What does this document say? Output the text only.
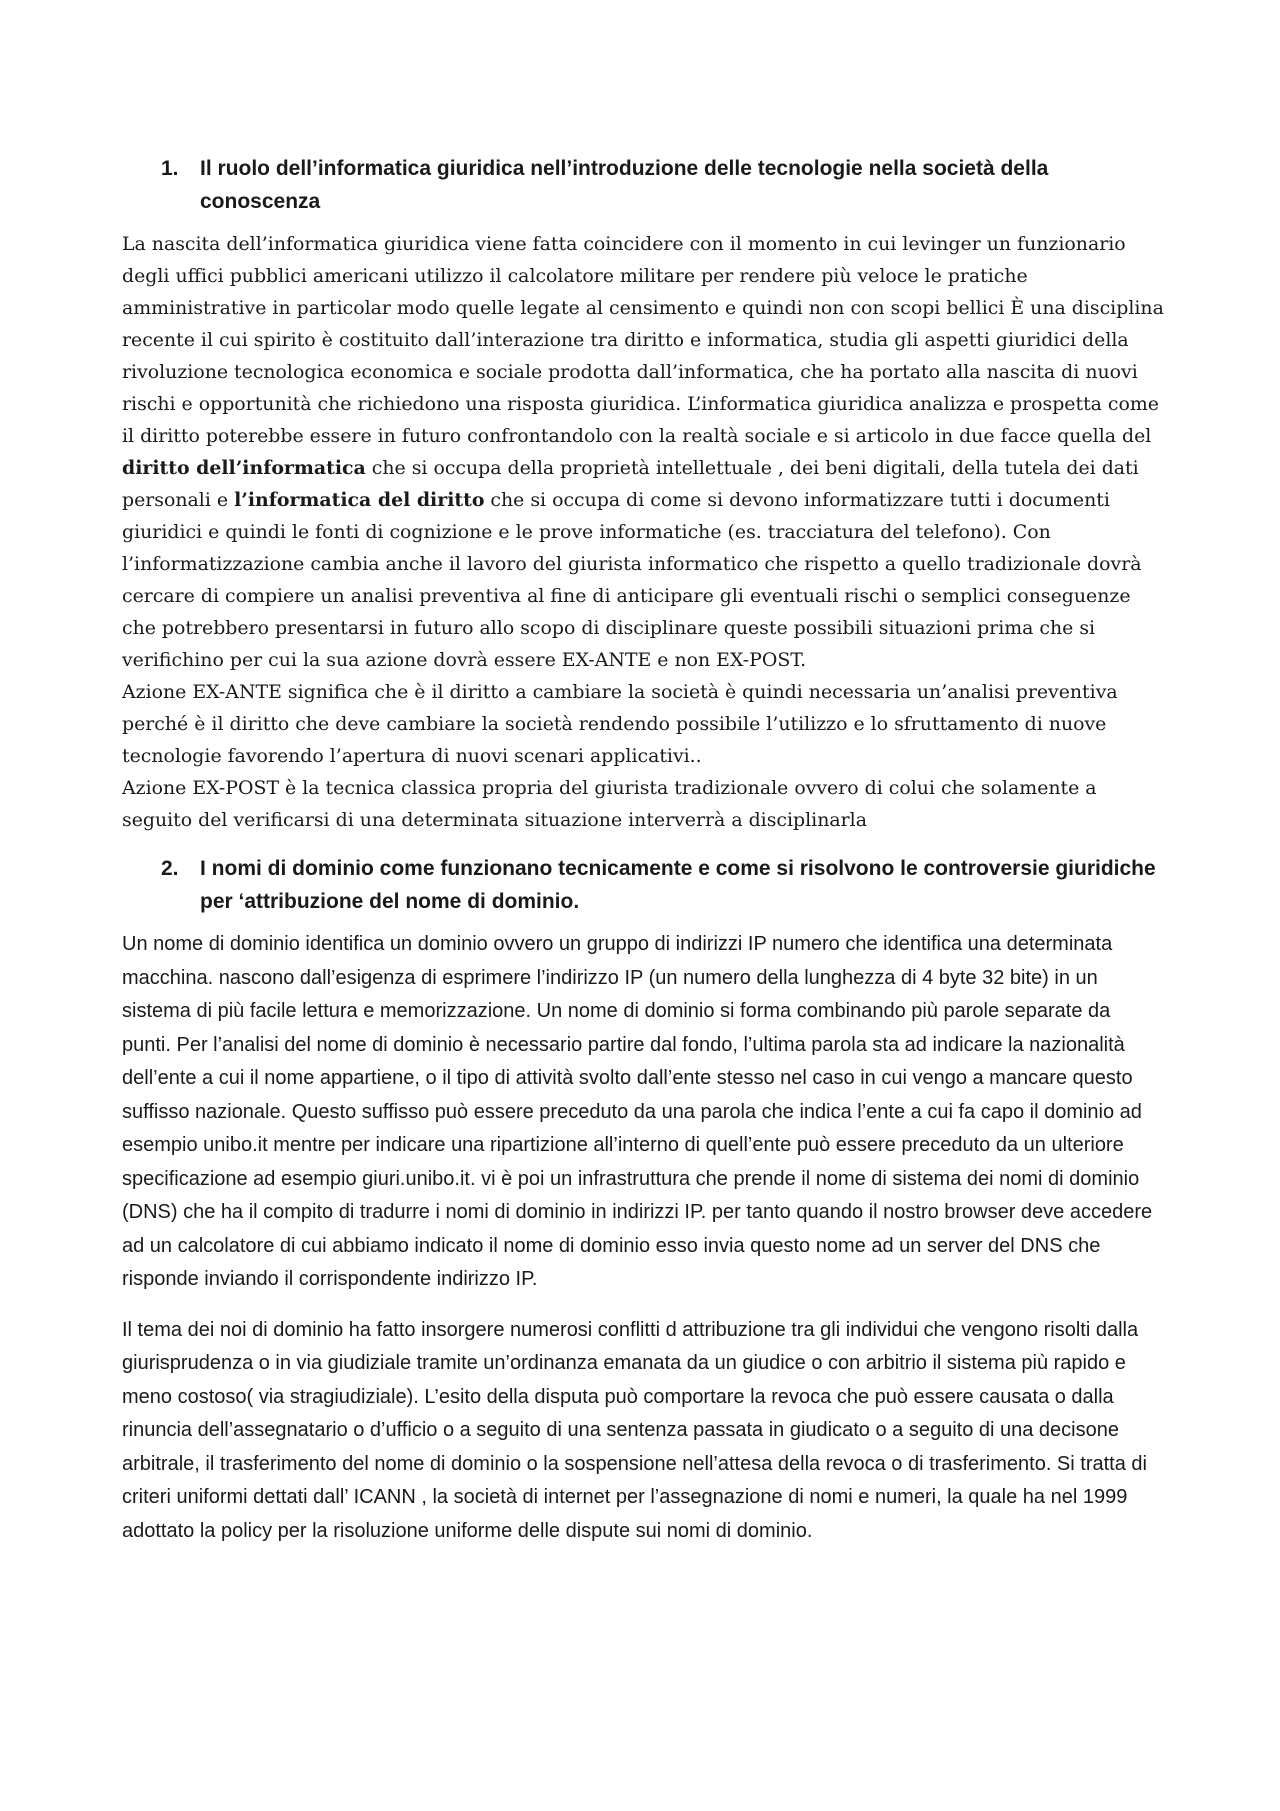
1.	Il ruolo dell’informatica giuridica nell’introduzione delle tecnologie nella società della conoscenza

La nascita dell’informatica giuridica viene fatta coincidere con il momento in cui levinger un funzionario degli uffici pubblici americani utilizzo il calcolatore militare per rendere più veloce le pratiche amministrative in particolar modo quelle legate al censimento e quindi non con scopi bellici È una disciplina recente il cui spirito è costituito dall’interazione tra diritto e informatica, studia gli aspetti giuridici della rivoluzione tecnologica economica e sociale prodotta dall’informatica, che ha portato alla nascita di nuovi rischi e opportunità che richiedono una risposta giuridica. L’informatica giuridica analizza e prospetta come il diritto poterebbe essere in futuro confrontandolo con la realtà sociale e si articolo in due facce quella del diritto dell’informatica che si occupa della proprietà intellettuale , dei beni digitali, della tutela dei dati personali e l’informatica del diritto che si occupa di come si devono informatizzare tutti i documenti giuridici e quindi le fonti di cognizione e le prove informatiche (es. tracciatura del telefono). Con l’informatizzazione cambia anche il lavoro del giurista informatico che rispetto a quello tradizionale dovrà cercare di compiere un analisi preventiva al fine di anticipare gli eventuali rischi o semplici conseguenze che potrebbero presentarsi in futuro allo scopo di disciplinare queste possibili situazioni prima che si verifichino per cui la sua azione dovrà essere EX-ANTE e non EX-POST.

Azione EX-ANTE significa che è il diritto a cambiare la società è quindi necessaria un’analisi preventiva perché è il diritto che deve cambiare la società rendendo possibile l’utilizzo e lo sfruttamento di nuove tecnologie favorendo l’apertura di nuovi scenari applicativi..

Azione EX-POST è la tecnica classica propria del giurista tradizionale ovvero di colui che solamente a seguito del verificarsi di una determinata situazione interverrà a disciplinarla

2.	I nomi di dominio come funzionano tecnicamente e come si risolvono le controversie giuridiche per ‘attribuzione del nome di dominio.

Un nome di dominio identifica un dominio ovvero un gruppo di indirizzi IP numero che identifica una determinata macchina. nascono dall’esigenza di esprimere l’indirizzo IP (un numero della lunghezza di 4 byte 32 bite) in un sistema di più facile lettura e memorizzazione. Un nome di dominio si forma combinando più parole separate da punti. Per l’analisi del nome di dominio è necessario partire dal fondo, l’ultima parola sta ad indicare la nazionalità dell’ente a cui il nome appartiene, o il tipo di attività svolto dall’ente stesso nel caso in cui vengo a mancare questo suffisso nazionale. Questo suffisso può essere preceduto da una parola che indica l’ente a cui fa capo il dominio ad esempio unibo.it mentre per indicare una ripartizione all’interno di quell’ente può essere preceduto da un ulteriore specificazione ad esempio giuri.unibo.it. vi è poi un infrastruttura che prende il nome di sistema dei nomi di dominio (DNS) che ha il compito di tradurre i nomi di dominio in indirizzi IP. per tanto quando il nostro browser deve accedere ad un calcolatore di cui abbiamo indicato il nome di dominio esso invia questo nome ad un server del DNS che risponde inviando il corrispondente indirizzo IP.

Il tema dei noi di dominio ha fatto insorgere numerosi conflitti d attribuzione tra gli individui che vengono risolti dalla giurisprudenza o in via giudiziale tramite un’ordinanza emanata da un giudice o con arbitrio il sistema più rapido e meno costoso( via stragiudiziale). L’esito della disputa può comportare la revoca che può essere causata o dalla rinuncia dell’assegnatario o d’ufficio o a seguito di una sentenza passata in giudicato o a seguito di una decisone arbitrale, il trasferimento del nome di dominio o la sospensione nell’attesa della revoca o di trasferimento. Si tratta di criteri uniformi dettati dall’ ICANN , la società di internet per l’assegnazione di nomi e numeri, la quale ha nel 1999 adottato la policy per la risoluzione uniforme delle dispute sui nomi di dominio.
